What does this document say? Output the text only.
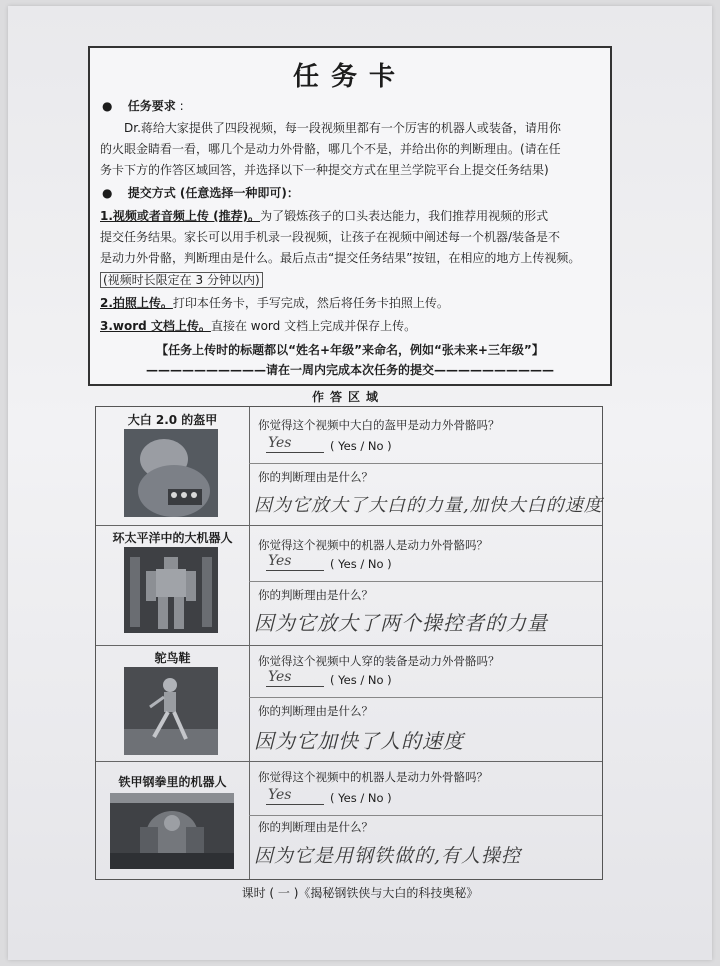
任务卡
● 任务要求 :
Dr.蒋给大家提供了四段视频，每一段视频里都有一个厉害的机器人或装备，请用你
的火眼金睛看一看，哪几个是动力外骨骼，哪几个不是，并给出你的判断理由。(请在任
务卡下方的作答区域回答，并选择以下一种提交方式在里兰学院平台上提交任务结果)
● 提交方式 (任意选择一种即可)：
1.视频或者音频上传 (推荐)。为了锻炼孩子的口头表达能力，我们推荐用视频的形式
提交任务结果。家长可以用手机录一段视频，让孩子在视频中阐述每一个机器/装备是不
是动力外骨骼，判断理由是什么。最后点击“提交任务结果”按钮，在相应的地方上传视频。
(视频时长限定在 3 分钟以内)
2.拍照上传。打印本任务卡，手写完成，然后将任务卡拍照上传。
3.word 文档上传。直接在 word 文档上完成并保存上传。
【任务上传时的标题都以“姓名+年级”来命名，例如“张未来+三年级”】
——————————请在一周内完成本次任务的提交——————————
作答区域
大白 2.0 的盔甲	你觉得这个视频中大白的盔甲是动力外骨骼吗？
Yes	( Yes / No )
你的判断理由是什么？
因为它放大了大白的力量,加快大白的速度
环太平洋中的大机器人	你觉得这个视频中的机器人是动力外骨骼吗？
Yes	( Yes / No )
你的判断理由是什么？
因为它放大了两个操控者的力量
鸵鸟鞋	你觉得这个视频中人穿的装备是动力外骨骼吗？
Yes	( Yes / No )
你的判断理由是什么？
因为它加快了人的速度
铁甲钢拳里的机器人	你觉得这个视频中的机器人是动力外骨骼吗？
Yes	( Yes / No )
你的判断理由是什么？
因为它是用钢铁做的,有人操控
课时 ( 一 )《揭秘钢铁侠与大白的科技奥秘》
